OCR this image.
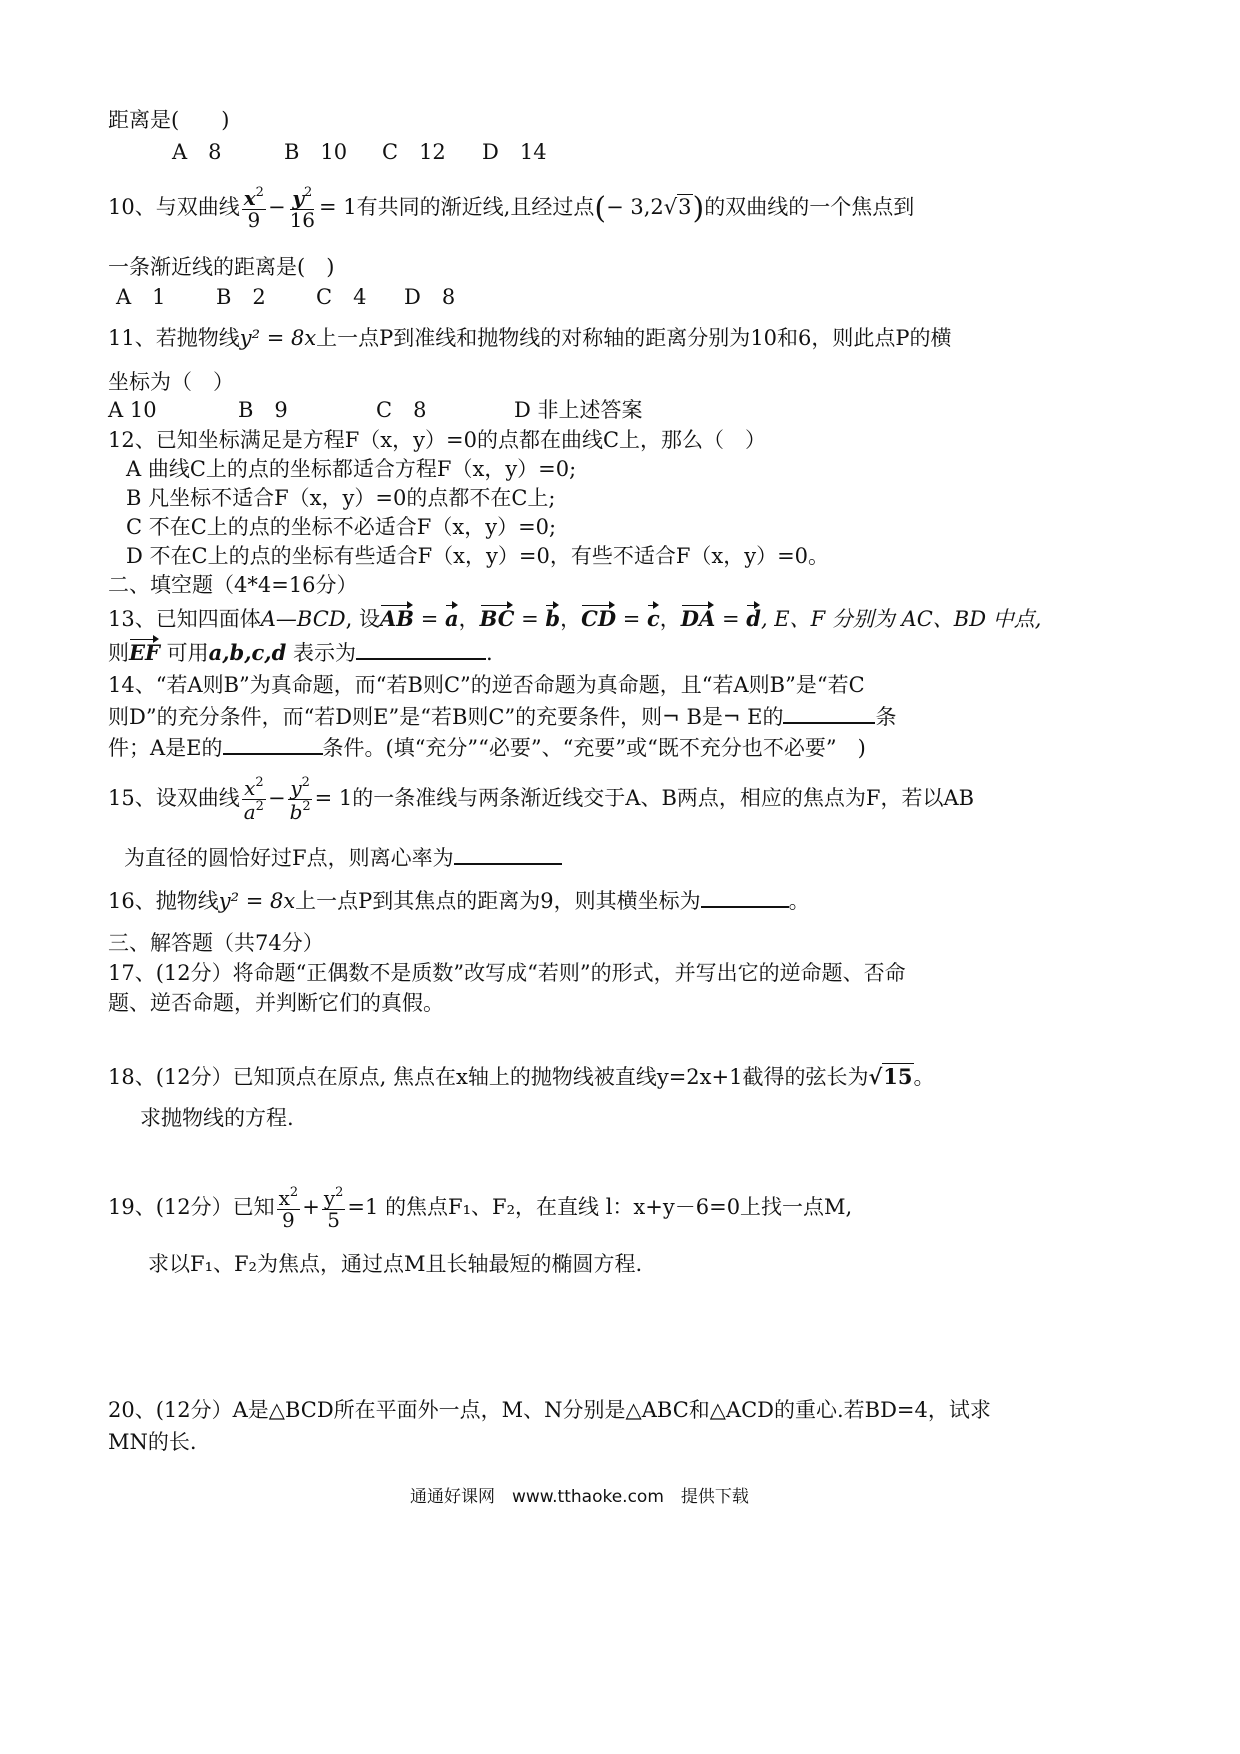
距离是(　　)
A　8	B　10 C　12 D　14
10、与双曲线 $\frac{x^2}{9} - \frac{y^2}{16} = 1$有共同的渐近线,且经过点(− 3,2√3)的双曲线的一个焦点到
一条渐近线的距离是(　)
A　1 B　2 C　4 D　8
11、若抛物线y² = 8x上一点P到准线和抛物线的对称轴的距离分别为10和6，则此点P的横
坐标为（　）
A 10	B　9	C　8	D 非上述答案
12、已知坐标满足是方程F（x，y）=0的点都在曲线C上，那么（　）
A 曲线C上的点的坐标都适合方程F（x，y）=0;
B 凡坐标不适合F（x，y）=0的点都不在C上;
C 不在C上的点的坐标不必适合F（x，y）=0;
D 不在C上的点的坐标有些适合F（x，y）=0，有些不适合F（x，y）=0。
二、填空题（4*4=16分）
13、已知四面体A—BCD, 设AB = a，BC = b，CD = c，DA = d, E、F 分别为 AC、BD 中点,
则EF 可用a,b,c,d 表示为	.
14、“若A则B”为真命题，而“若B则C”的逆否命题为真命题，且“若A则B”是“若C
则D”的充分条件，而“若D则E”是“若B则C”的充要条件，则¬ B是¬ E的	条
件；A是E的	条件。(填“充分”“必要”、“充要”或“既不充分也不必要”　)
15、设双曲线 $\frac{x^2}{a^2} - \frac{y^2}{b^2} = 1$的一条准线与两条渐近线交于A、B两点，相应的焦点为F，若以AB
为直径的圆恰好过F点，则离心率为
16、抛物线y² = 8x上一点P到其焦点的距离为9，则其横坐标为	。
三、解答题（共74分）
17、(12分）将命题“正偶数不是质数”改写成“若则”的形式，并写出它的逆命题、否命
题、逆否命题，并判断它们的真假。
18、(12分）已知顶点在原点, 焦点在x轴上的抛物线被直线y=2x+1截得的弦长为√15。
求抛物线的方程.
19、(12分）已知 $\frac{x^2}{9} + \frac{y^2}{5} =1$ 的焦点F₁、F₂，在直线 l：x+y－6=0上找一点M,
求以F₁、F₂为焦点，通过点M且长轴最短的椭圆方程.
20、(12分）A是△BCD所在平面外一点，M、N分别是△ABC和△ACD的重心.若BD=4，试求
MN的长.
通通好课网　www.tthaoke.com　提供下载
